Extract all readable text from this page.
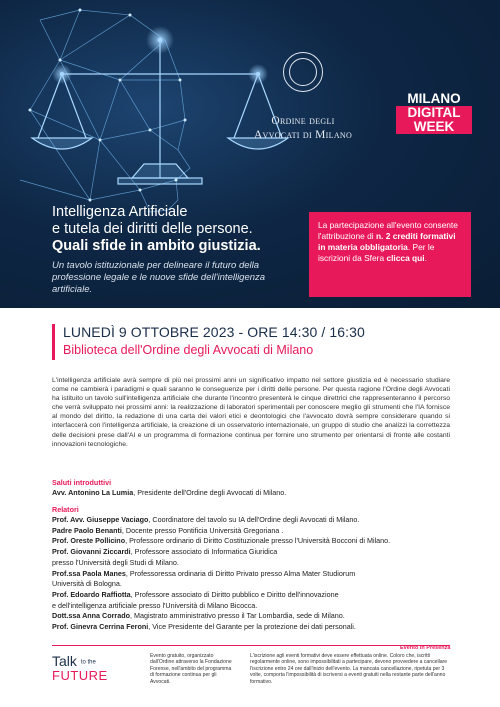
Ordine degli
Avvocati di Milano
MILANO
DIGITAL
WEEK
Intelligenza Artificiale
e tutela dei diritti delle persone.
Quali sfide in ambito giustizia.
Un tavolo istituzionale per delineare il futuro della professione legale e le nuove sfide dell'intelligenza artificiale.
La partecipazione all'evento consente l'attribuzione di n. 2 crediti formativi in materia obbligatoria. Per le iscrizioni da Sfera clicca qui.
LUNEDÌ 9 OTTOBRE 2023 - ORE 14:30 / 16:30
Biblioteca dell'Ordine degli Avvocati di Milano
L'intelligenza artificiale avrà sempre di più nei prossimi anni un significativo impatto nel settore giustizia ed è necessario studiare come ne cambierà i paradigmi e quali saranno le conseguenze per i diritti delle persone. Per questa ragione l'Ordine degli Avvocati ha istituito un tavolo sull'intelligenza artificiale che durante l'incontro presenterà le cinque direttrici che rappresenteranno il percorso che verrà sviluppato nei prossimi anni: la realizzazione di laboratori sperimentali per conoscere meglio gli strumenti che l'IA fornisce al mondo del diritto, la redazione di una carta dei valori etici e deontologici che l'avvocato dovrà sempre considerare quando si interfaccerà con l'intelligenza artificiale, la creazione di un osservatorio internazionale, un gruppo di studio che analizzi la correttezza delle decisioni prese dall'AI e un programma di formazione continua per fornire uno strumento per orientarsi di fronte alle costanti innovazioni tecnologiche.
Saluti introduttivi
Avv. Antonino La Lumia, Presidente dell'Ordine degli Avvocati di Milano.
Relatori
Prof. Avv. Giuseppe Vaciago, Coordinatore del tavolo su IA dell'Ordine degli Avvocati di Milano.
Padre Paolo Benanti, Docente presso Pontificia Università Gregoriana .
Prof. Oreste Pollicino, Professore ordinario di Diritto Costituzionale presso l'Università Bocconi di Milano.
Prof. Giovanni Ziccardi, Professore associato di Informatica Giuridica
presso l'Università degli Studi di Milano.
Prof.ssa Paola Manes, Professoressa ordinaria di Diritto Privato presso Alma Mater Studiorum
Università di Bologna.
Prof. Edoardo Raffiotta, Professore associato di Diritto pubblico e Diritto dell'innovazione
e dell'intelligenza artificiale presso l'Università di Milano Bicocca.
Dott.ssa Anna Corrado, Magistrato amministrativo presso il Tar Lombardia, sede di Milano.
Prof. Ginevra Cerrina Feroni, Vice Presidente del Garante per la protezione dei dati personali.
Talk to the
FUTURE
Evento gratuito, organizzato dall'Ordine attraverso la Fondazione Forense, nell'ambito del programma di formazione continua per gli Avvocati.
Evento in Presenza
L'iscrizione agli eventi formativi deve essere effettuata online. Coloro che, iscritti regolarmente online, sono impossibilitati a partecipare, devono provvedere a cancellare l'iscrizione entro 24 ore dall'inizio dell'evento. La mancata cancellazione, ripetuta per 3 volte, comporta l'impossibilità di iscriversi a eventi gratuiti nella restante parte dell'anno formativo.
